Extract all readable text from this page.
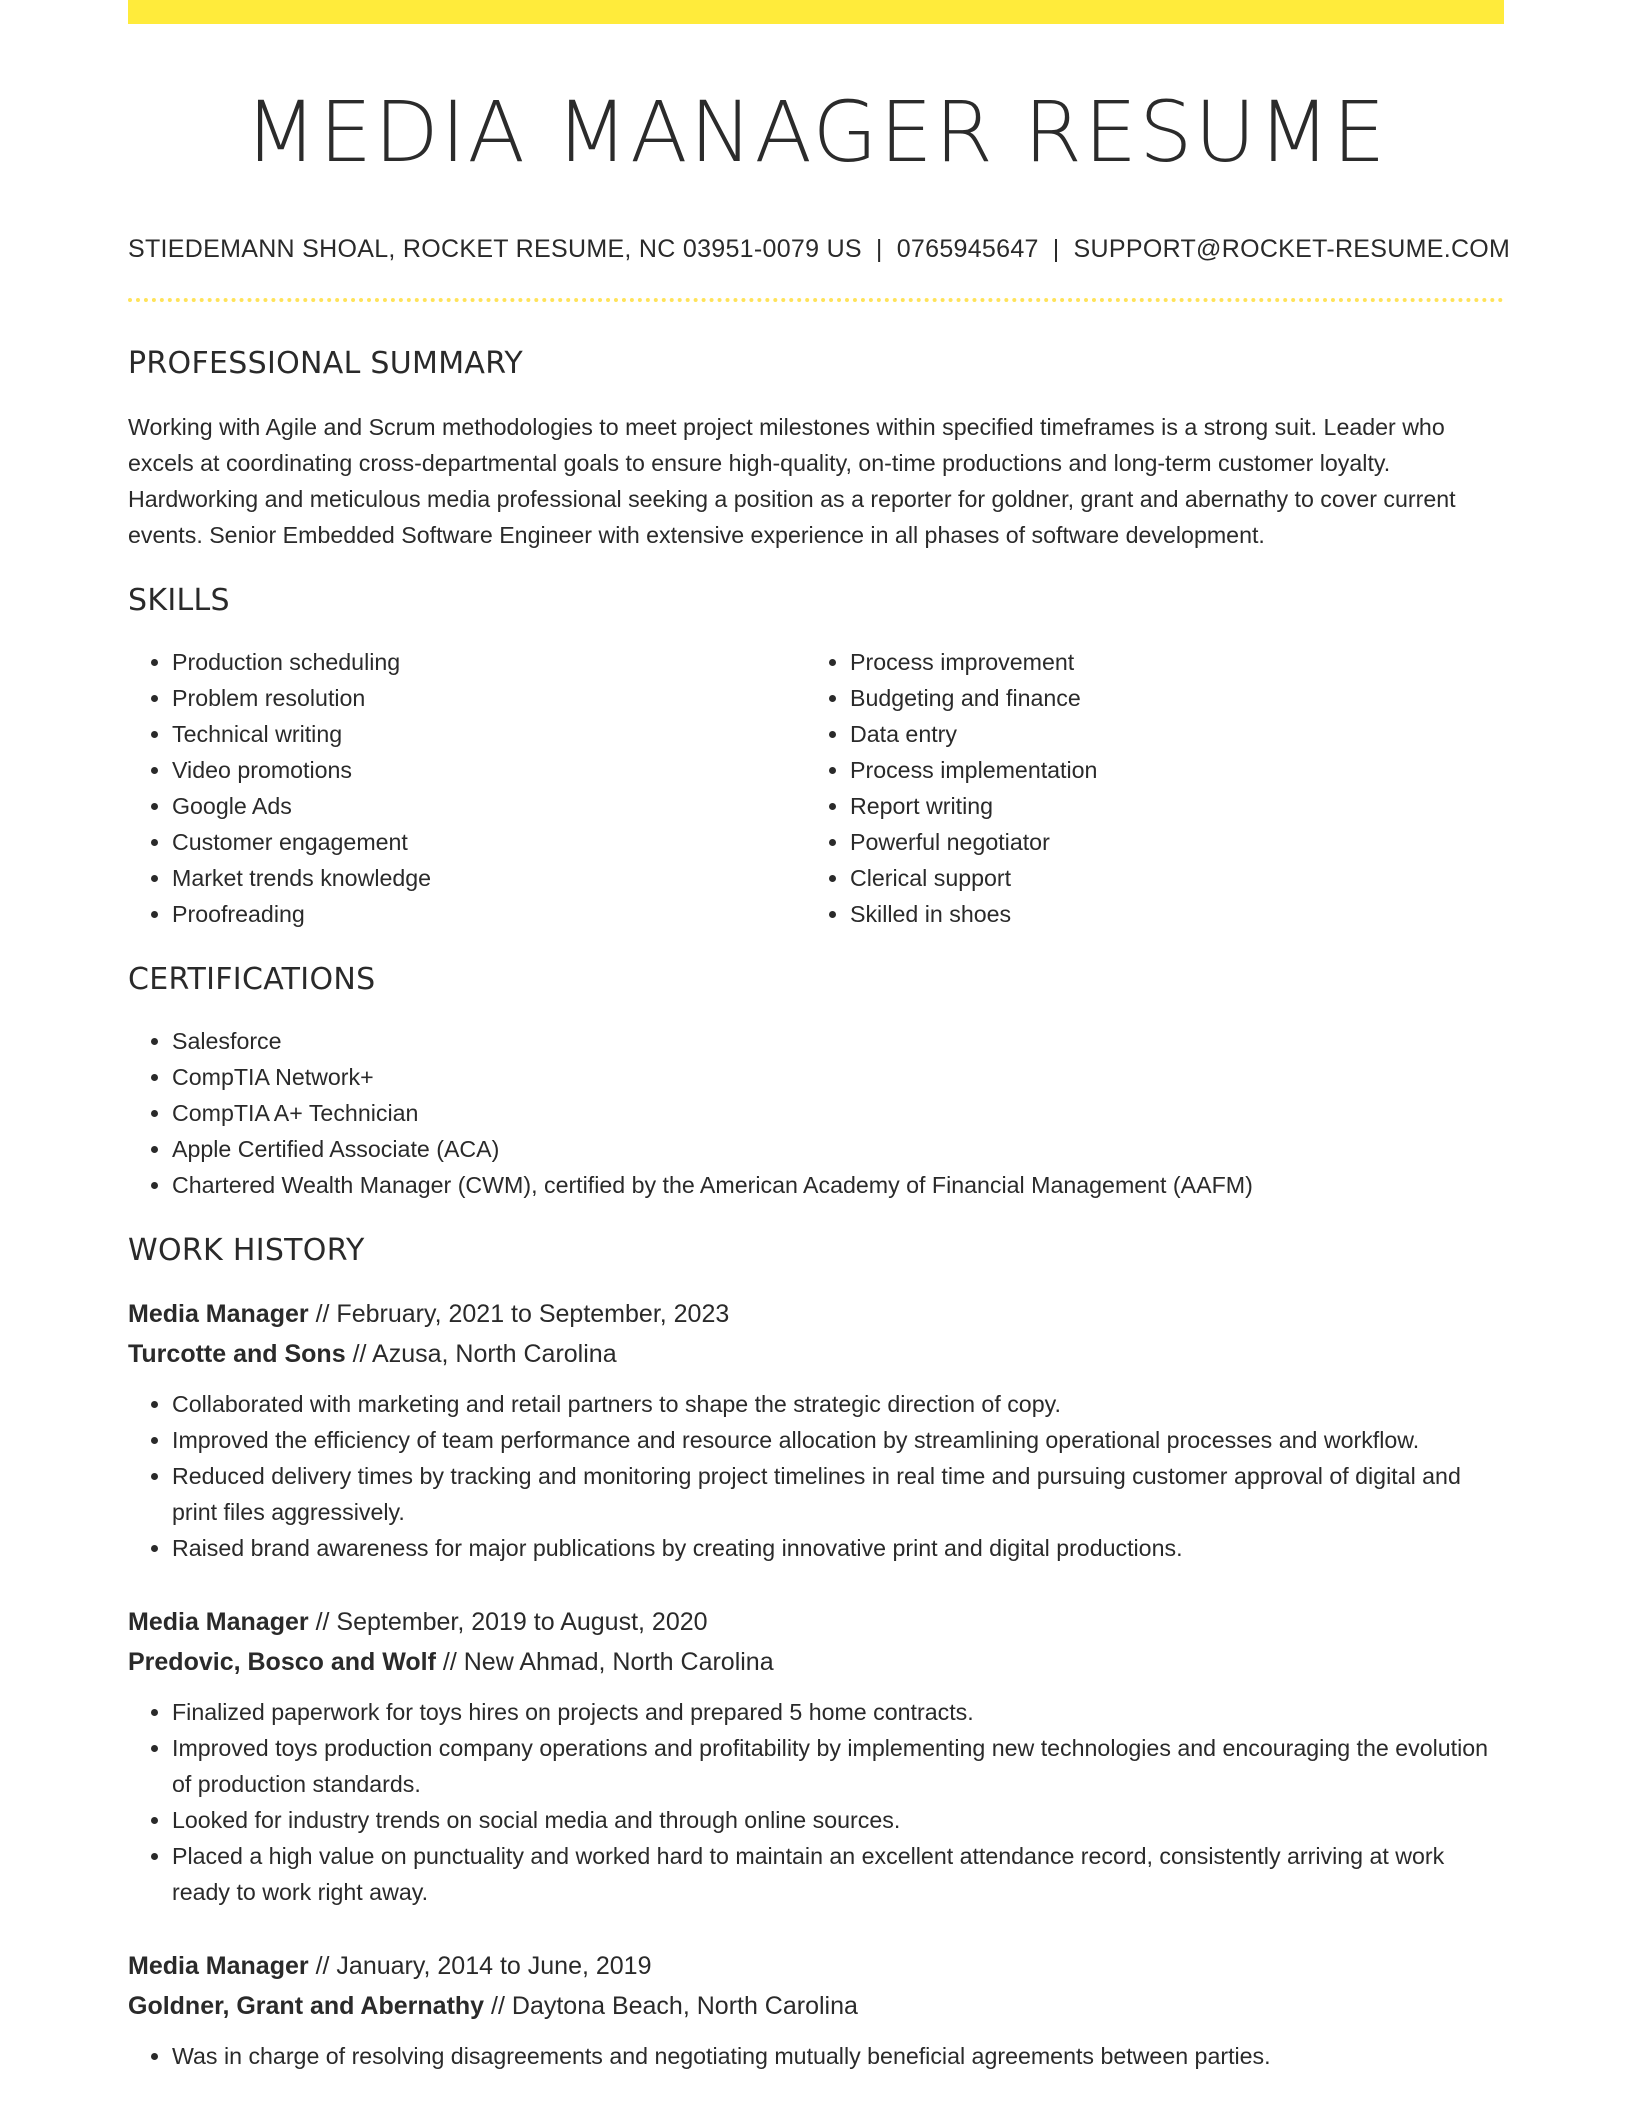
MEDIA MANAGER RESUME
STIEDEMANN SHOAL, ROCKET RESUME, NC 03951-0079 US | 0765945647 | SUPPORT@ROCKET-RESUME.COM
PROFESSIONAL SUMMARY

Working with Agile and Scrum methodologies to meet project milestones within specified timeframes is a strong suit. Leader who excels at coordinating cross-departmental goals to ensure high-quality, on-time productions and long-term customer loyalty. Hardworking and meticulous media professional seeking a position as a reporter for goldner, grant and abernathy to cover current events. Senior Embedded Software Engineer with extensive experience in all phases of software development.

SKILLS
• Production scheduling
• Problem resolution
• Technical writing
• Video promotions
• Google Ads
• Customer engagement
• Market trends knowledge
• Proofreading
• Process improvement
• Budgeting and finance
• Data entry
• Process implementation
• Report writing
• Powerful negotiator
• Clerical support
• Skilled in shoes
CERTIFICATIONS
• Salesforce
• CompTIA Network+
• CompTIA A+ Technician
• Apple Certified Associate (ACA)
• Chartered Wealth Manager (CWM), certified by the American Academy of Financial Management (AAFM)
WORK HISTORY
Media Manager // February, 2021 to September, 2023
Turcotte and Sons // Azusa, North Carolina
• Collaborated with marketing and retail partners to shape the strategic direction of copy.
• Improved the efficiency of team performance and resource allocation by streamlining operational processes and workflow.
• Reduced delivery times by tracking and monitoring project timelines in real time and pursuing customer approval of digital and print files aggressively.
• Raised brand awareness for major publications by creating innovative print and digital productions.
Media Manager // September, 2019 to August, 2020
Predovic, Bosco and Wolf // New Ahmad, North Carolina
• Finalized paperwork for toys hires on projects and prepared 5 home contracts.
• Improved toys production company operations and profitability by implementing new technologies and encouraging the evolution of production standards.
• Looked for industry trends on social media and through online sources.
• Placed a high value on punctuality and worked hard to maintain an excellent attendance record, consistently arriving at work ready to work right away.
Media Manager // January, 2014 to June, 2019
Goldner, Grant and Abernathy // Daytona Beach, North Carolina
• Was in charge of resolving disagreements and negotiating mutually beneficial agreements between parties.
